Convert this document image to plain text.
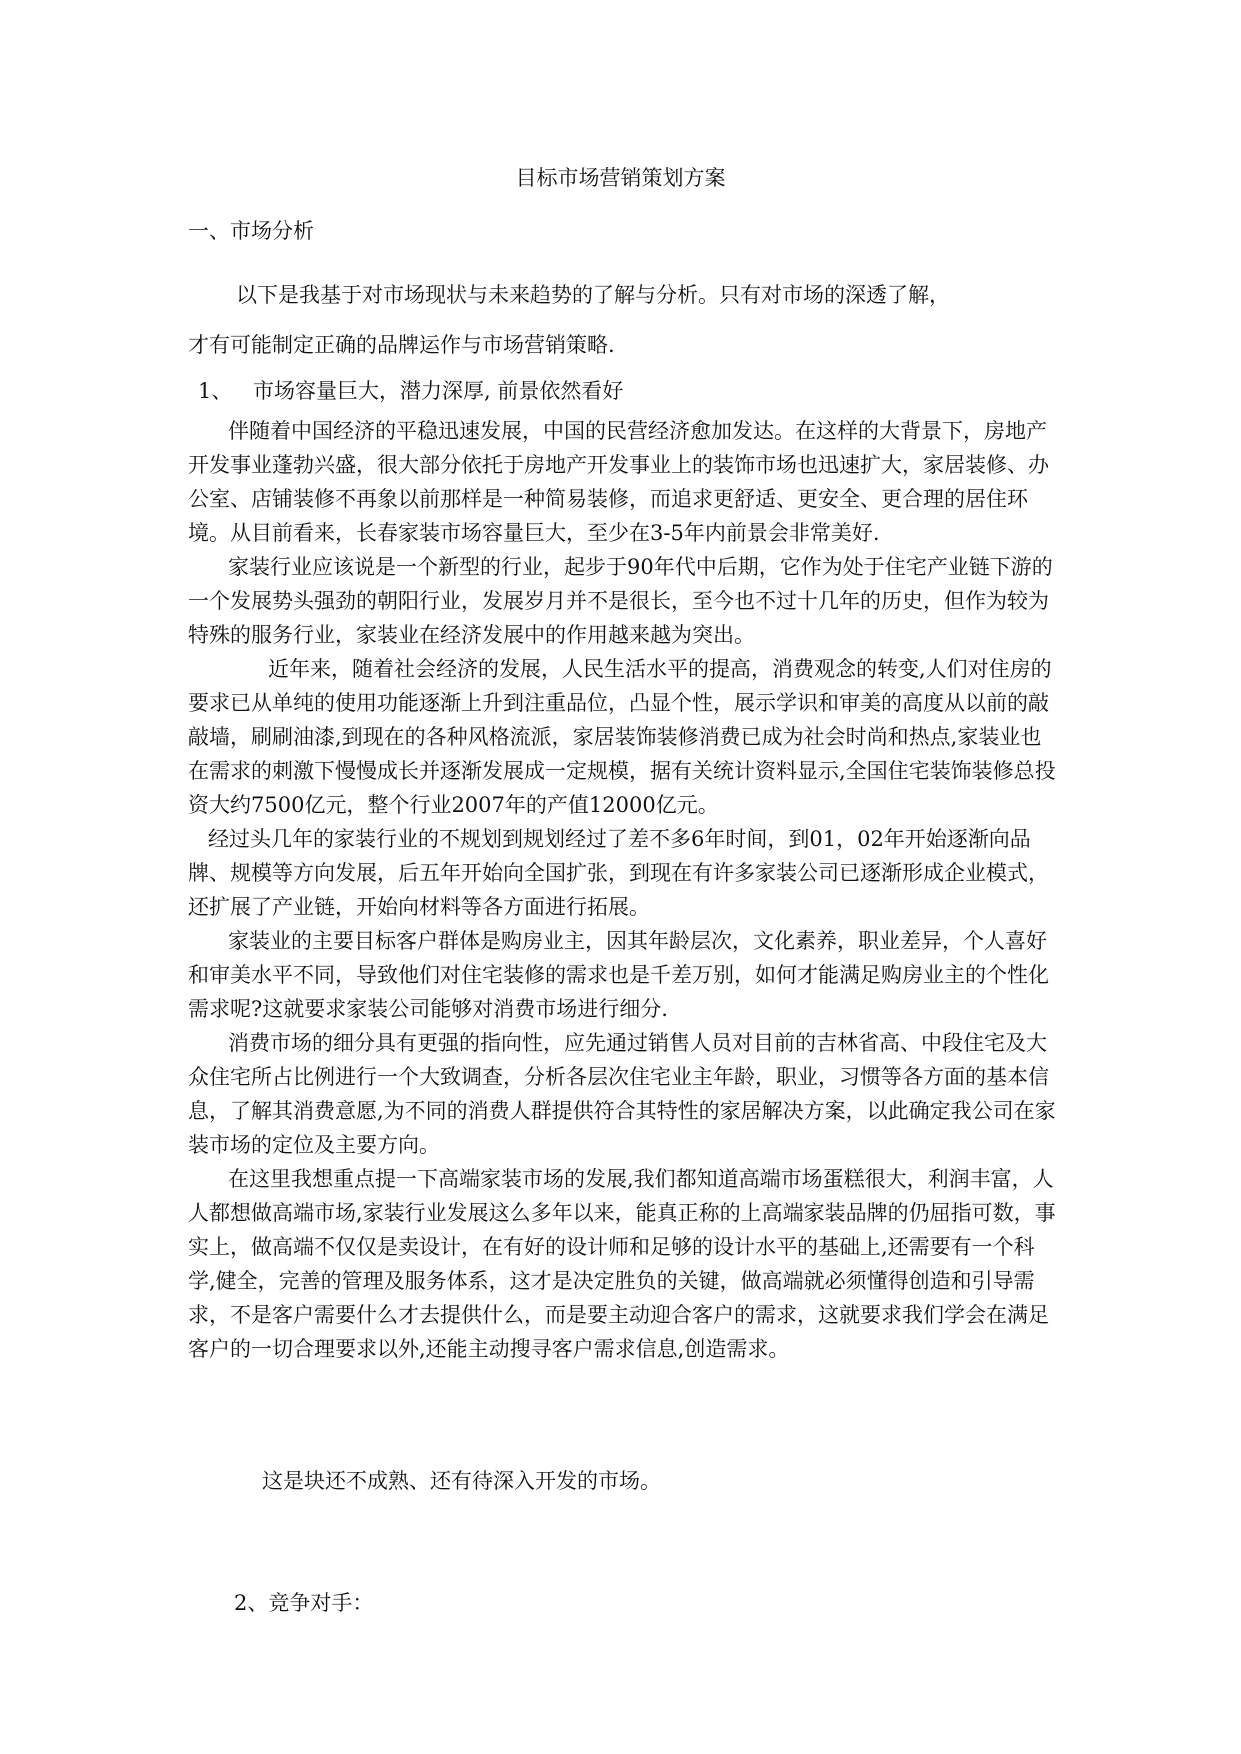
目标市场营销策划方案
一、市场分析
以下是我基于对市场现状与未来趋势的了解与分析。只有对市场的深透了解，
才有可能制定正确的品牌运作与市场营销策略.
1、 市场容量巨大，潜力深厚, 前景依然看好

伴随着中国经济的平稳迅速发展，中国的民营经济愈加发达。在这样的大背景下，房地产开发事业蓬勃兴盛，很大部分依托于房地产开发事业上的装饰市场也迅速扩大，家居装修、办公室、店铺装修不再象以前那样是一种简易装修，而追求更舒适、更安全、更合理的居住环境。从目前看来，长春家装市场容量巨大，至少在3-5年内前景会非常美好.

家装行业应该说是一个新型的行业，起步于90年代中后期，它作为处于住宅产业链下游的一个发展势头强劲的朝阳行业，发展岁月并不是很长，至今也不过十几年的历史，但作为较为特殊的服务行业，家装业在经济发展中的作用越来越为突出。

近年来，随着社会经济的发展，人民生活水平的提高，消费观念的转变,人们对住房的要求已从单纯的使用功能逐渐上升到注重品位，凸显个性，展示学识和审美的高度从以前的敲敲墙，刷刷油漆,到现在的各种风格流派，家居装饰装修消费已成为社会时尚和热点,家装业也在需求的刺激下慢慢成长并逐渐发展成一定规模，据有关统计资料显示,全国住宅装饰装修总投资大约7500亿元，整个行业2007年的产值12000亿元。

经过头几年的家装行业的不规划到规划经过了差不多6年时间，到01，02年开始逐渐向品牌、规模等方向发展，后五年开始向全国扩张，到现在有许多家装公司已逐渐形成企业模式，还扩展了产业链，开始向材料等各方面进行拓展。

家装业的主要目标客户群体是购房业主，因其年龄层次，文化素养，职业差异，个人喜好和审美水平不同，导致他们对住宅装修的需求也是千差万别，如何才能满足购房业主的个性化需求呢?这就要求家装公司能够对消费市场进行细分.

消费市场的细分具有更强的指向性，应先通过销售人员对目前的吉林省高、中段住宅及大众住宅所占比例进行一个大致调查，分析各层次住宅业主年龄，职业，习惯等各方面的基本信息，了解其消费意愿,为不同的消费人群提供符合其特性的家居解决方案，以此确定我公司在家装市场的定位及主要方向。

在这里我想重点提一下高端家装市场的发展,我们都知道高端市场蛋糕很大，利润丰富，人人都想做高端市场,家装行业发展这么多年以来，能真正称的上高端家装品牌的仍屈指可数，事实上，做高端不仅仅是卖设计，在有好的设计师和足够的设计水平的基础上,还需要有一个科学,健全，完善的管理及服务体系，这才是决定胜负的关键，做高端就必须懂得创造和引导需求，不是客户需要什么才去提供什么，而是要主动迎合客户的需求，这就要求我们学会在满足客户的一切合理要求以外,还能主动搜寻客户需求信息,创造需求。

这是块还不成熟、还有待深入开发的市场。
2、竞争对手：
